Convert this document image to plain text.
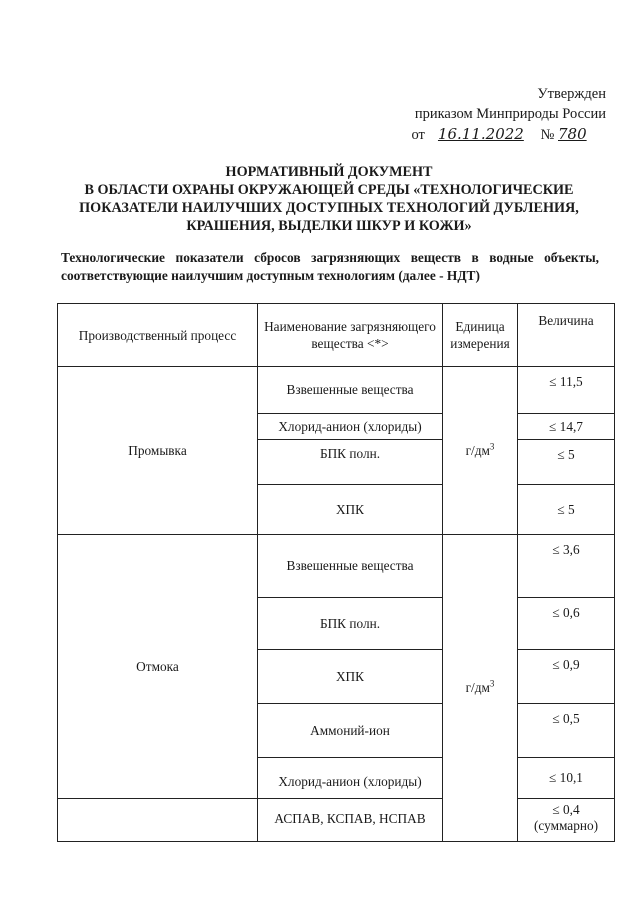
Утвержден
приказом Минприроды России
от 16.11.2022 № 780
НОРМАТИВНЫЙ ДОКУМЕНТ
В ОБЛАСТИ ОХРАНЫ ОКРУЖАЮЩЕЙ СРЕДЫ «ТЕХНОЛОГИЧЕСКИЕ
ПОКАЗАТЕЛИ НАИЛУЧШИХ ДОСТУПНЫХ ТЕХНОЛОГИЙ ДУБЛЕНИЯ,
КРАШЕНИЯ, ВЫДЕЛКИ ШКУР И КОЖИ»
Технологические показатели сбросов загрязняющих веществ в водные объекты, соответствующие наилучшим доступным технологиям (далее - НДТ)
Производственный процесс	Наименование загрязняющего вещества <*>	Единица измерения	Величина
Промывка	Взвешенные вещества	$г/дм^3$	≤ 11,5
	Хлорид-анион (хлориды)		≤ 14,7
	БПК полн.		≤ 5
	ХПК		≤ 5
Отмока	Взвешенные вещества	$г/дм^3$	≤ 3,6
	БПК полн.		≤ 0,6
	ХПК		≤ 0,9
	Аммоний-ион		≤ 0,5
	Хлорид-анион (хлориды)		≤ 10,1
	АСПАВ, КСПАВ, НСПАВ		≤ 0,4
(суммарно)
